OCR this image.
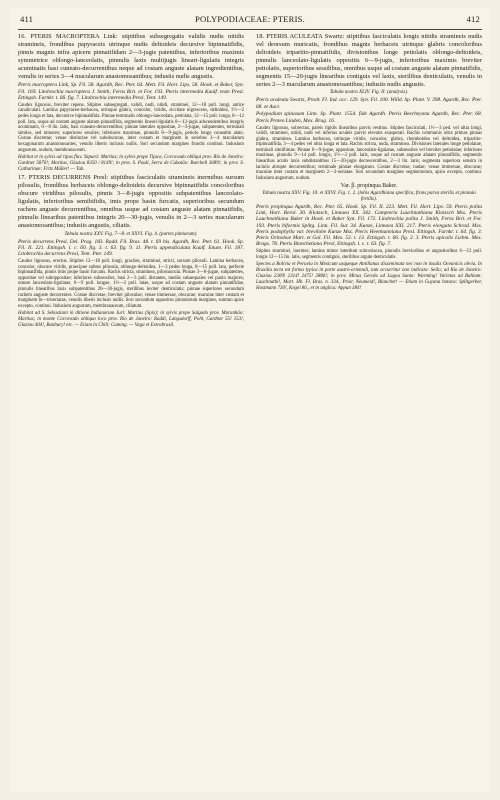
411	POLYPODIACEAE: PTERIS.	412

16. PTERIS MACROPTERA Link: stipitibus subsegregatis validis nudis nitidis stramineis, frondibus papyraceis utrinque nudis deltoideis decursive bipinnatifidis, pinnis magnis infra apicem pinnatifidam 2—3-jugis patentibus, inferioribus maximis symmetrice oblongo-lanceolatis, pinnulis laxis multijugis lineari-ligulatis integris acuminatis basi cuneato-decurrentibus neque ad costam anguste alatam ingredientibus, venulis in series 3—4 macularum anastomosantibus; indusiis nudis angustis.

Pteris macroptera Link, Sp. Fil. 58. Agardh, Rec. Pter. 64. Mett. Fil. Hort. Lips. 58. Hook. et Baker, Syn. Fil. 169. Litobrochia macroptera J. Smith, Ferns Brit. et For. 193. Pteris intermedia Kaulf. teste Presl. Ettingsh. Farnkr. t. 66. fig. 7. Litobrochia intermedia Presl, Tent. 149.

Caudex lignosus, breviter repens. Stipites subsegregati, validi, nudi, nitidi, straminei, 12—18 poll. longi, antice canaliculati. Lamina papyraceo-herbacea, utrinque glabra, concolor, viridis, siccitate nigrescens, deltoidea, 1½—2 pedes longa et lata, decursive bipinnatifida. Pinnae terminalis oblongo-lanceolata, petiolata, 12—15 poll. longa, 8—12 poll. lata, usque ad costam anguste alatam pinnatifida, segmentis lineari-ligulatis 8—12-jugis adscendentibus integris acuminatis, 6—8 lin. latis, basi cuneato-decurrentibus; pinnae laterales oppositae, 2—3-jugae, subpatentes, terminali similes, sed minores; superiores sessiles; inferiores maximae, pinnulis 8—9-jugis, petiolo longo cuneatim alato. Costae discretae; venae distinctae vel subobscurae, inter costam et marginem in seriebus 3—4 macularum hexagonarum anastomosantes, venulis liberis inclusis nullis. Sori secundum margines frondis continui. Indusium angustum, nudum, membranaceum.

Habitat et in sylvis ad ripas fluv. Yapurá: Martius; in sylvis prope Tijuca, Corcovado obliqui prov. Rio de Janeiro: Gardner 5870!; Martius, Glaziou 8350 / 8149!; in prov. S. Pauli, Serra de Cubatão: Burchell 3689!; in prov. S. Catharinae: Fritz Müller! — Tab.

17. PTERIS DECURRENS Presl: stipitibus fasciculatis stramineis inermibus sursum pilosulis, frondibus herbaceis oblongo-deltoideis decursive bipinnatifidis concoloribus obscure viridibus pilosulis, pinnis 3—8-jugis oppositis subpatentibus lanceolato-ligulatis, inferioribus semibifidis, imis prope basin furcatis, superioribus secundum rachem anguste decurrentibus, omnibus usque ad costam anguste alatam pinnatifidis, pinnulis linearibus patentibus integris 20—30-jugis, venulis in 2—3 series macularum anastomosantibus; indusiis angustis, ciliatis.

Tabula nostra XXV. Fig. 7—8. et XXVI. Fig. 4. (partes pinnarum).

Pteris decurrens Presl, Del. Prag. 183. Radd. Fil. Bras. 48. t. 69 bis. Agardh, Rec. Pter. 61. Hook. Sp. Fil. II. 221. Ettingsh. l. c. 60. fig. 3. t. 63. fig. 9. 11. Pteris appendiculata Kaulf. Enum. Fil. 187. Litobrochia decurrens Presl, Tent. Pter. 149.

Caudex lignosus, erectus. Stipites 12—18 poll. longi, graciles, straminei, stricti, sursum pilosuli. Lamina herbacea, concolor, obscure viridis, praecipue subtus pilosula, oblongo-deltoidea, 1—3 pedes longa, 8—15 poll. lata, perfecte bipinnatifida, pinnis imis prope basin furcatis. Rachis stricta, straminea, pilosiuscula. Pinnae 3—8-jugae, subpatentes, oppositae vel suboppositae; inferiores subsessiles, basi 2—3 poll. distantes, mediis subaequales vel paulo majores; omnes lanceolato-ligulatae, 6—9 poll. longae, 1½—2 poll. latae, usque ad costam anguste alatam pinnatifidae, pinnulis linearibus laxis subpatentibus 20—30-jugis, sterilibus leviter denticulatis; pinnae superiores secundum rachem anguste decurrentes. Costae discretae, breviter pilosulae; venae immersae, obscurae; maculae inter costam et marginem bi—triseriatae, venulis liberis inclusis nullis. Sori secundum oppositos pinnularum margines, summo apice excepto, continui. Indusium angustum, membranaceum, ciliatum.

Habitat ad S. Sebastiani in ditione Indianorum Juri: Martius (Spix); in sylvis prope Salgado prov. Maranhão: Martius; in monte Corcovado obliquo loco prov. Rio de Janeiro: Raddi, Langsdorff, Pohl, Gardner 55! 153!, Glaziou 404!, Bunbury! etc. — Etiam in Chili: Cuming. — Vaga et Extrabrasil.

18. PTERIS ACULEATA Swartz: stipitibus fasciculatis longis nitidis stramineis nudis vel deorsum muricatis, frondibus magnis herbaceis utrinque glabris concoloribus deltoideis tripartito-pinnatifidis, divisionibus longe petiolatis oblongo-deltoideis, pinnulis lanceolato-ligulatis oppositis 6—9-jugis, inferioribus maximis breviter petiolatis, superioribus sessilibus, omnibus usque ad costam anguste alatam pinnatifidis, segmentis 15—20-jugis linearibus contiguis vel laxis, sterilibus denticulatis, venulis in series 2—3 macularum anastomosantibus; indusiis nudis angustis.

Tabula nostra XLIV. Fig. II. (analysis).

Pteris aculeata Swartz, Prodr. Fl. Ind. occ. 129. Syn. Fil. 100. Willd. Sp. Plant. V. 398. Agardh, Rec. Pter. 68. et Auct.

Polypodium spinosum Linn. Sp. Plant. 1554. fide Agardh. Pteris Beecheyana Agardh, Rec. Pter. 68. Pteris Proteo Linden, Mex. Brag. 16.

Caudex lignosus, subrectus, paleis rigidis linearibus parvis vestitus. Stipites fasciculati, 1½—3 ped. vel ultra longi, validi, straminei, nitidi, nudi vel inferius aculeis parvis elevatis exasperati. Rachis communis ultra primas pinnas glabra, straminea. Lamina herbacea, utrinque viridis, concolor, glabra, rhomboidea vel deltoidea, tripartito-tripinnatifida, 3—4 pedes vel ultra longa et lata. Rachis stricta, nuda, straminea. Divisiones laterales longe petiolatae, terminali simillimae. Pinnae 6—9-jugae, oppositae, lanceolato-ligulatae, subsessiles vel breviter petiolatae; inferiores maximae, pinnulis 9—14 poll. longis, 1½—2 poll. latis, usque ad costam anguste alatam pinnatifidis, segmentis linearibus acutis laxis subdistantibus 15—20-jugis decrescentibus, 2—3 lin. latis; segmenta superiora sensim in laciniis abrupte decurrentibus; terminale pinnae elongatum. Costae discretae, nudae; venae immersae, obscurae; maculae inter costam et marginem 2—3-seriatae. Sori secundum margines segmentorum, apice excepto, continui. Indusium angustum, nudum.

Var. β. propinqua Baker.

Tabula nostra XXV. Fig. 10. et XXVI. Fig. 1. 2. (lobis Agardhiana specifica, frons parva sterilis et pinnula fertilis).

Pteris propinqua Agardh, Rec. Pter. 65. Hook. Sp. Fil. II. 223. Mett. Fil. Hort. Lips. 59. Pteris polita Link, Hort. Berol. 30. Klotzsch, Linnaea XX. 342. Campteria Lauchnathiana Klotzsch Mss. Pteris Lauchnathiana Baker in Hook. et Baker Syn. Fil. 172. Litobrochia polita J. Smith, Ferns Brit. et For. 193. Pteris biformis Splitg. Linn. Fil. Sur. 34. Kunze, Linnaea XXI. 217. Pteris elongata Schrad. Mss. Pteris podophylla var. brevilobe Kunze Mss. Pteris Heetmanniana Presl. Ettingsh. Farnkr. t. 64. fig. 3. Pteris Orinobae Mart. et Gal. Fil. Mex. 53. t. 13. Ettingsh. t. 66. fig. 2. 3. Pteris apicalis Liebm. Mex. Brags. 78. Pteris Blanchetiana Presl, Ettingsh. l. c. t. 63. fig. 7.

Stipites straminei, inermes; lamina minor interdum subcoriacea, pinnulis brevioribus et angustioribus 6—12 poll. longis 12—15 lin. latis, segmentis contiguis, sterilibus argute denticulatis.

Species a Bolivia et Peruvia in Mexicum usqueque Antillanas disseminata nec non in insulis Oceanicis obvia. In Brasilia tecta est forma typica in parte austro-orientali, tam occurritur non indicato: Sello; ad Rio de Janeiro: Glaziou 2309! 2314! 2475! 2886!; in prov. Minas Geraës ad Lagoa Santa: Warming! Varietas ad Bahiam: Lauchnathi!, Mart. Hb. Fl. Bras. n. 334., Prior, Neumeid!, Blanchet! — Etiam in Guyana batava: Splitgerber, Hostmann 730!, Kegel 86., et in anglica: Appun 384!
